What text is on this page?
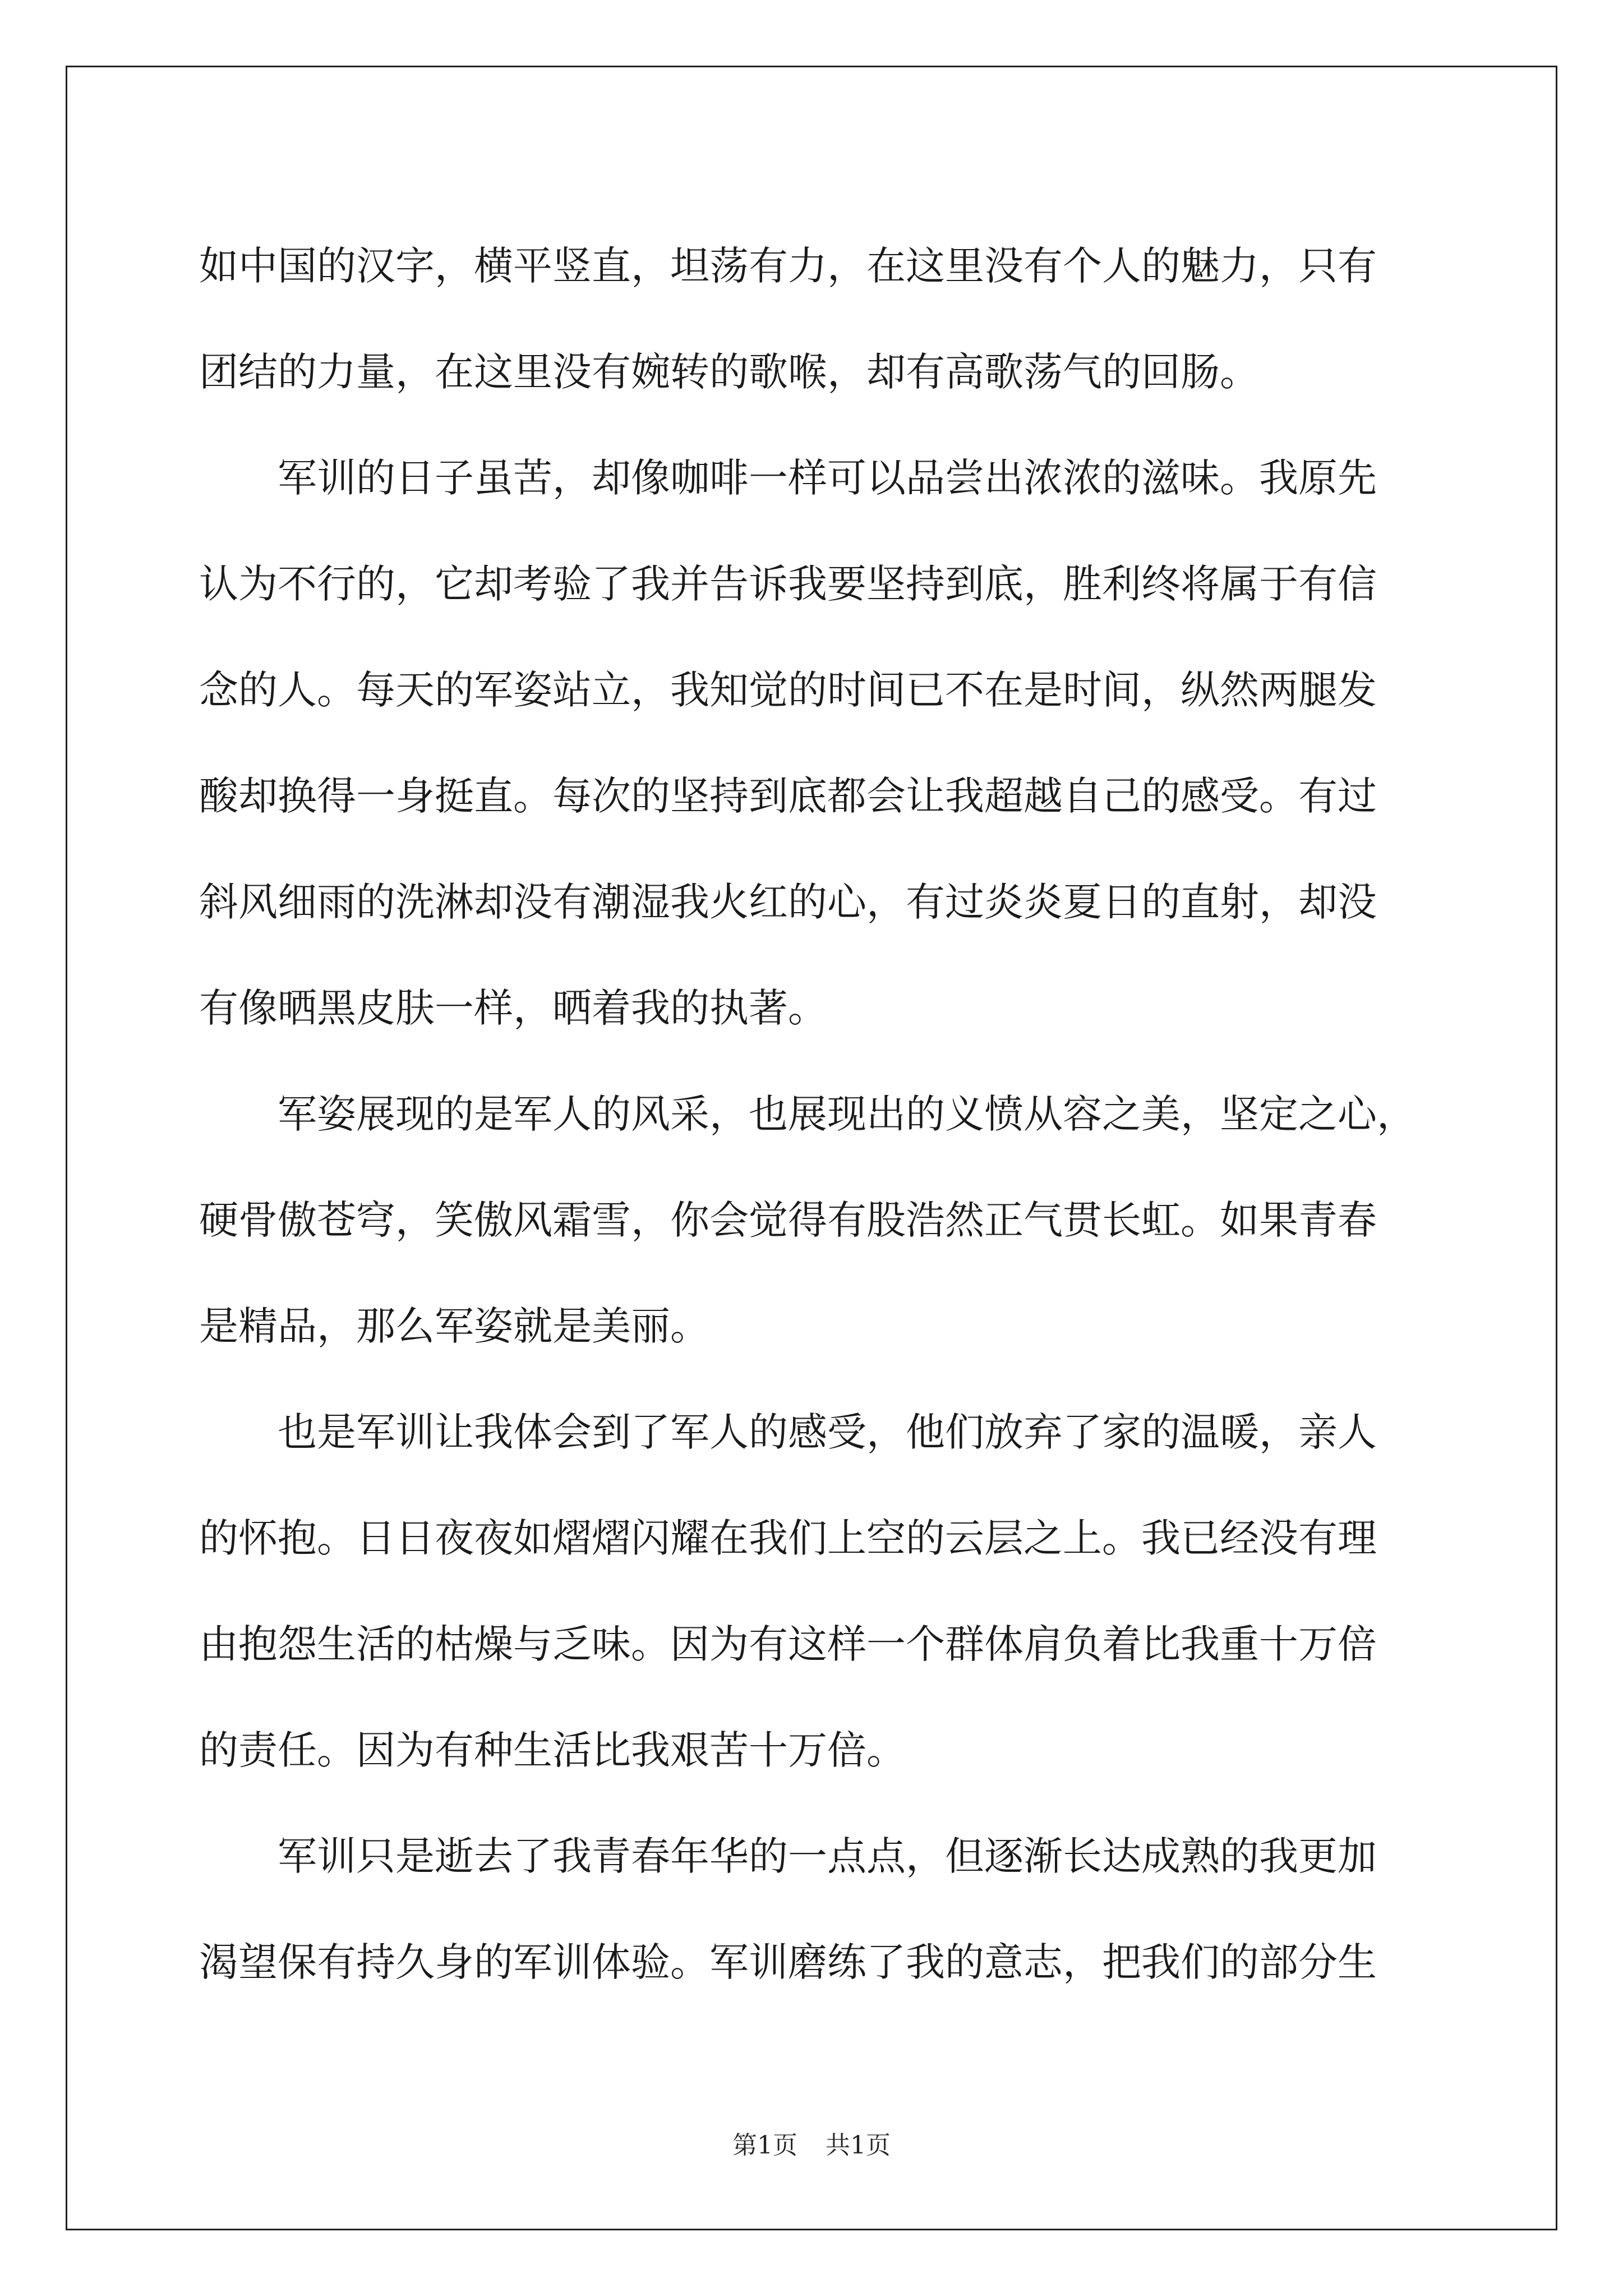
如中国的汉字，横平竖直，坦荡有力，在这里没有个人的魅力，只有
团结的力量，在这里没有婉转的歌喉，却有高歌荡气的回肠。
　　军训的日子虽苦，却像咖啡一样可以品尝出浓浓的滋味。我原先
认为不行的，它却考验了我并告诉我要坚持到底，胜利终将属于有信
念的人。每天的军姿站立，我知觉的时间已不在是时间，纵然两腿发
酸却换得一身挺直。每次的坚持到底都会让我超越自己的感受。有过
斜风细雨的洗淋却没有潮湿我火红的心，有过炎炎夏日的直射，却没
有像晒黑皮肤一样，晒着我的执著。
　　军姿展现的是军人的风采，也展现出的义愤从容之美，坚定之心，
硬骨傲苍穹，笑傲风霜雪，你会觉得有股浩然正气贯长虹。如果青春
是精品，那么军姿就是美丽。
　　也是军训让我体会到了军人的感受，他们放弃了家的温暖，亲人
的怀抱。日日夜夜如熠熠闪耀在我们上空的云层之上。我已经没有理
由抱怨生活的枯燥与乏味。因为有这样一个群体肩负着比我重十万倍
的责任。因为有种生活比我艰苦十万倍。
　　军训只是逝去了我青春年华的一点点，但逐渐长达成熟的我更加
渴望保有持久身的军训体验。军训磨练了我的意志，把我们的部分生
第1页 共1页
